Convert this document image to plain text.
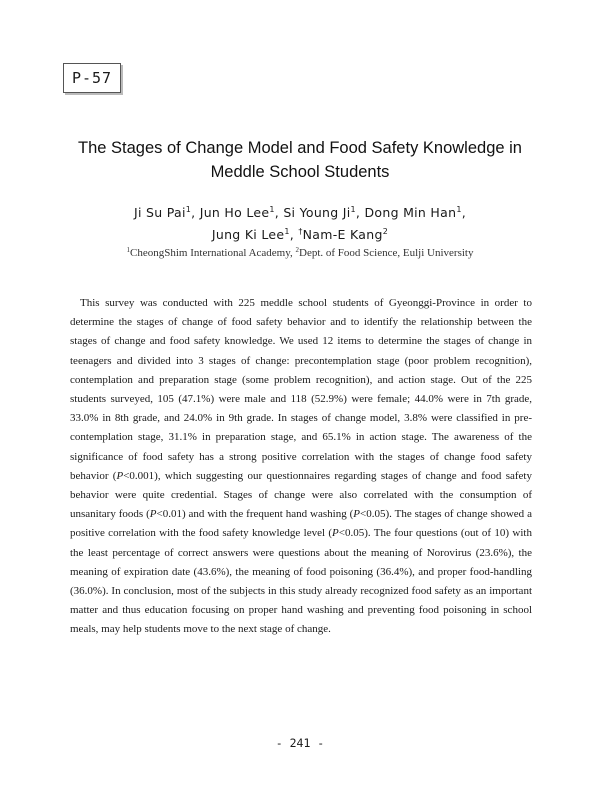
P-57
The Stages of Change Model and Food Safety Knowledge in
Meddle School Students
Ji Su Pai$^1$, Jun Ho Lee$^1$, Si Young Ji$^1$, Dong Min Han$^1$,
Jung Ki Lee$^1$, †Nam-E Kang$^2$
$^1$CheongShim International Academy, $^2$Dept. of Food Science, Eulji University

This survey was conducted with 225 meddle school students of Gyeonggi-Province in order to determine the stages of change of food safety behavior and to identify the relationship between the stages of change and food safety knowledge. We used 12 items to determine the stages of change in teenagers and divided into 3 stages of change: precontemplation stage (poor problem recognition), contemplation and preparation stage (some problem recognition), and action stage. Out of the 225 students surveyed, 105 (47.1%) were male and 118 (52.9%) were female; 44.0% were in 7th grade, 33.0% in 8th grade, and 24.0% in 9th grade. In stages of change model, 3.8% were classified in pre-contemplation stage, 31.1% in preparation stage, and 65.1% in action stage. The awareness of the significance of food safety has a strong positive correlation with the stages of change food safety behavior (P<0.001), which suggesting our questionnaires regarding stages of change and food safety behavior were quite credential. Stages of change were also correlated with the consumption of unsanitary foods (P<0.01) and with the frequent hand washing (P<0.05). The stages of change showed a positive correlation with the food safety knowledge level (P<0.05). The four questions (out of 10) with the least percentage of correct answers were questions about the meaning of Norovirus (23.6%), the meaning of expiration date (43.6%), the meaning of food poisoning (36.4%), and proper food-handling (36.0%). In conclusion, most of the subjects in this study already recognized food safety as an important matter and thus education focusing on proper hand washing and preventing food poisoning in school meals, may help students move to the next stage of change.

- 241 -
